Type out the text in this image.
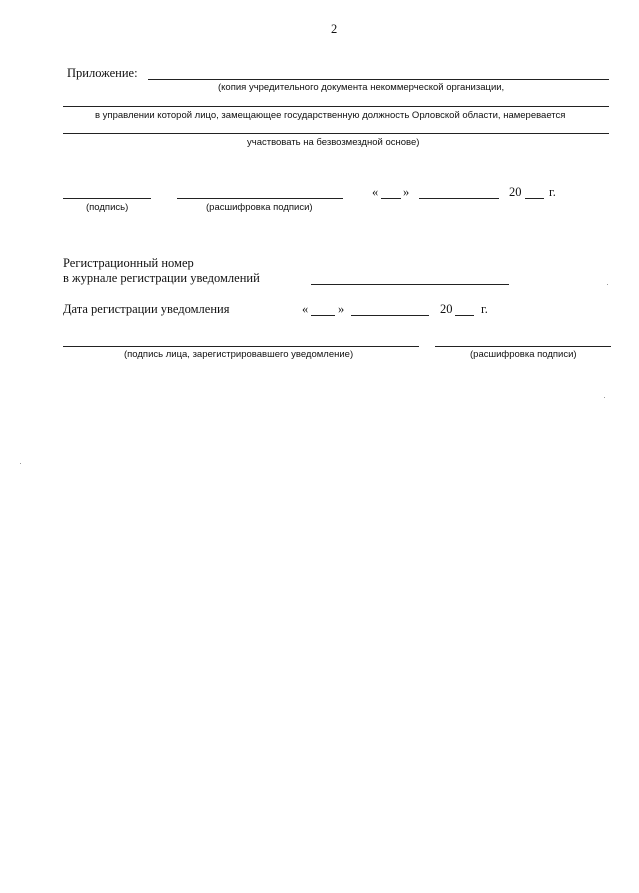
2
Приложение:
(копия учредительного документа некоммерческой организации,
в управлении которой лицо, замещающее государственную должность Орловской области, намеревается
участвовать на безвозмездной основе)
« »	20 г.
(подпись)	(расшифровка подписи)
Регистрационный номер
в журнале регистрации уведомлений
Дата регистрации уведомления	« »	20 г.
(подпись лица, зарегистрировавшего уведомление)	(расшифровка подписи)
